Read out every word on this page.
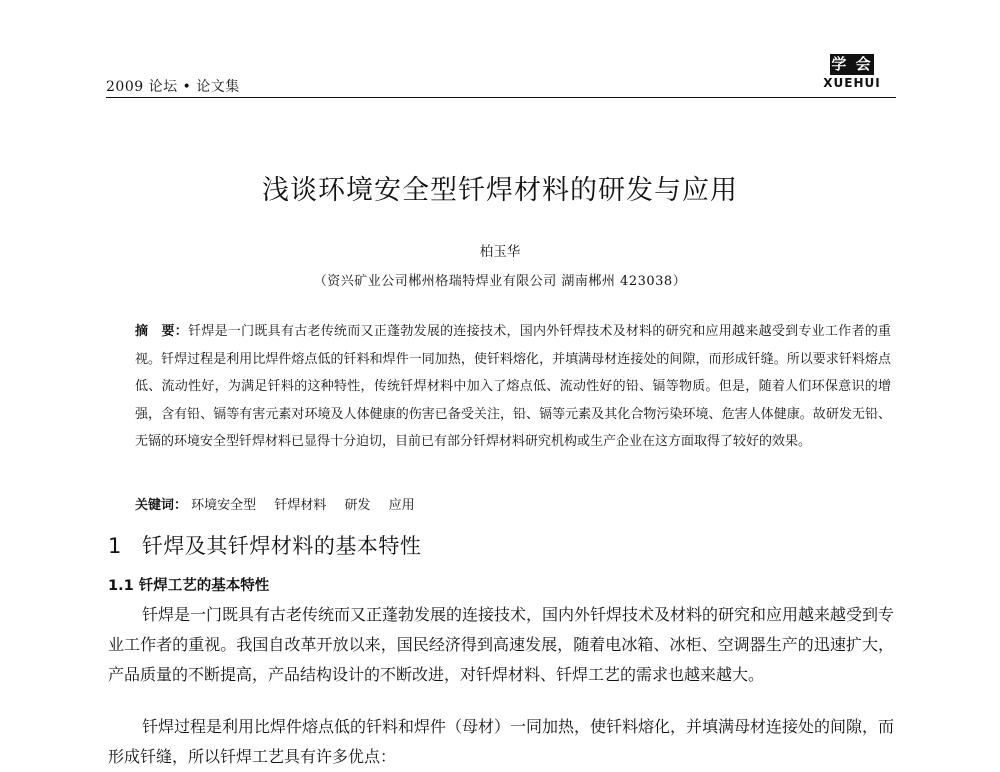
2009 论坛 • 论文集
学 会
XUEHUI
浅谈环境安全型钎焊材料的研发与应用
柏玉华
（资兴矿业公司郴州格瑞特焊业有限公司 湖南郴州 423038）
摘　要：钎焊是一门既具有古老传统而又正蓬勃发展的连接技术，国内外钎焊技术及材料的研究和应用越来越受到专业工作者的重视。钎焊过程是利用比焊件熔点低的钎料和焊件一同加热，使钎料熔化，并填满母材连接处的间隙，而形成钎缝。所以要求钎料熔点低、流动性好，为满足钎料的这种特性，传统钎焊材料中加入了熔点低、流动性好的铅、镉等物质。但是，随着人们环保意识的增强，含有铅、镉等有害元素对环境及人体健康的伤害已备受关注，铅、镉等元素及其化合物污染环境、危害人体健康。故研发无铅、无镉的环境安全型钎焊材料已显得十分迫切，目前已有部分钎焊材料研究机构或生产企业在这方面取得了较好的效果。
关键词： 环境安全型 钎焊材料 研发 应用
1 钎焊及其钎焊材料的基本特性
1.1 钎焊工艺的基本特性
钎焊是一门既具有古老传统而又正蓬勃发展的连接技术，国内外钎焊技术及材料的研究和应用越来越受到专业工作者的重视。我国自改革开放以来，国民经济得到高速发展，随着电冰箱、冰柜、空调器生产的迅速扩大，产品质量的不断提高，产品结构设计的不断改进，对钎焊材料、钎焊工艺的需求也越来越大。
钎焊过程是利用比焊件熔点低的钎料和焊件（母材）一同加热，使钎料熔化，并填满母材连接处的间隙，而形成钎缝，所以钎焊工艺具有许多优点：
